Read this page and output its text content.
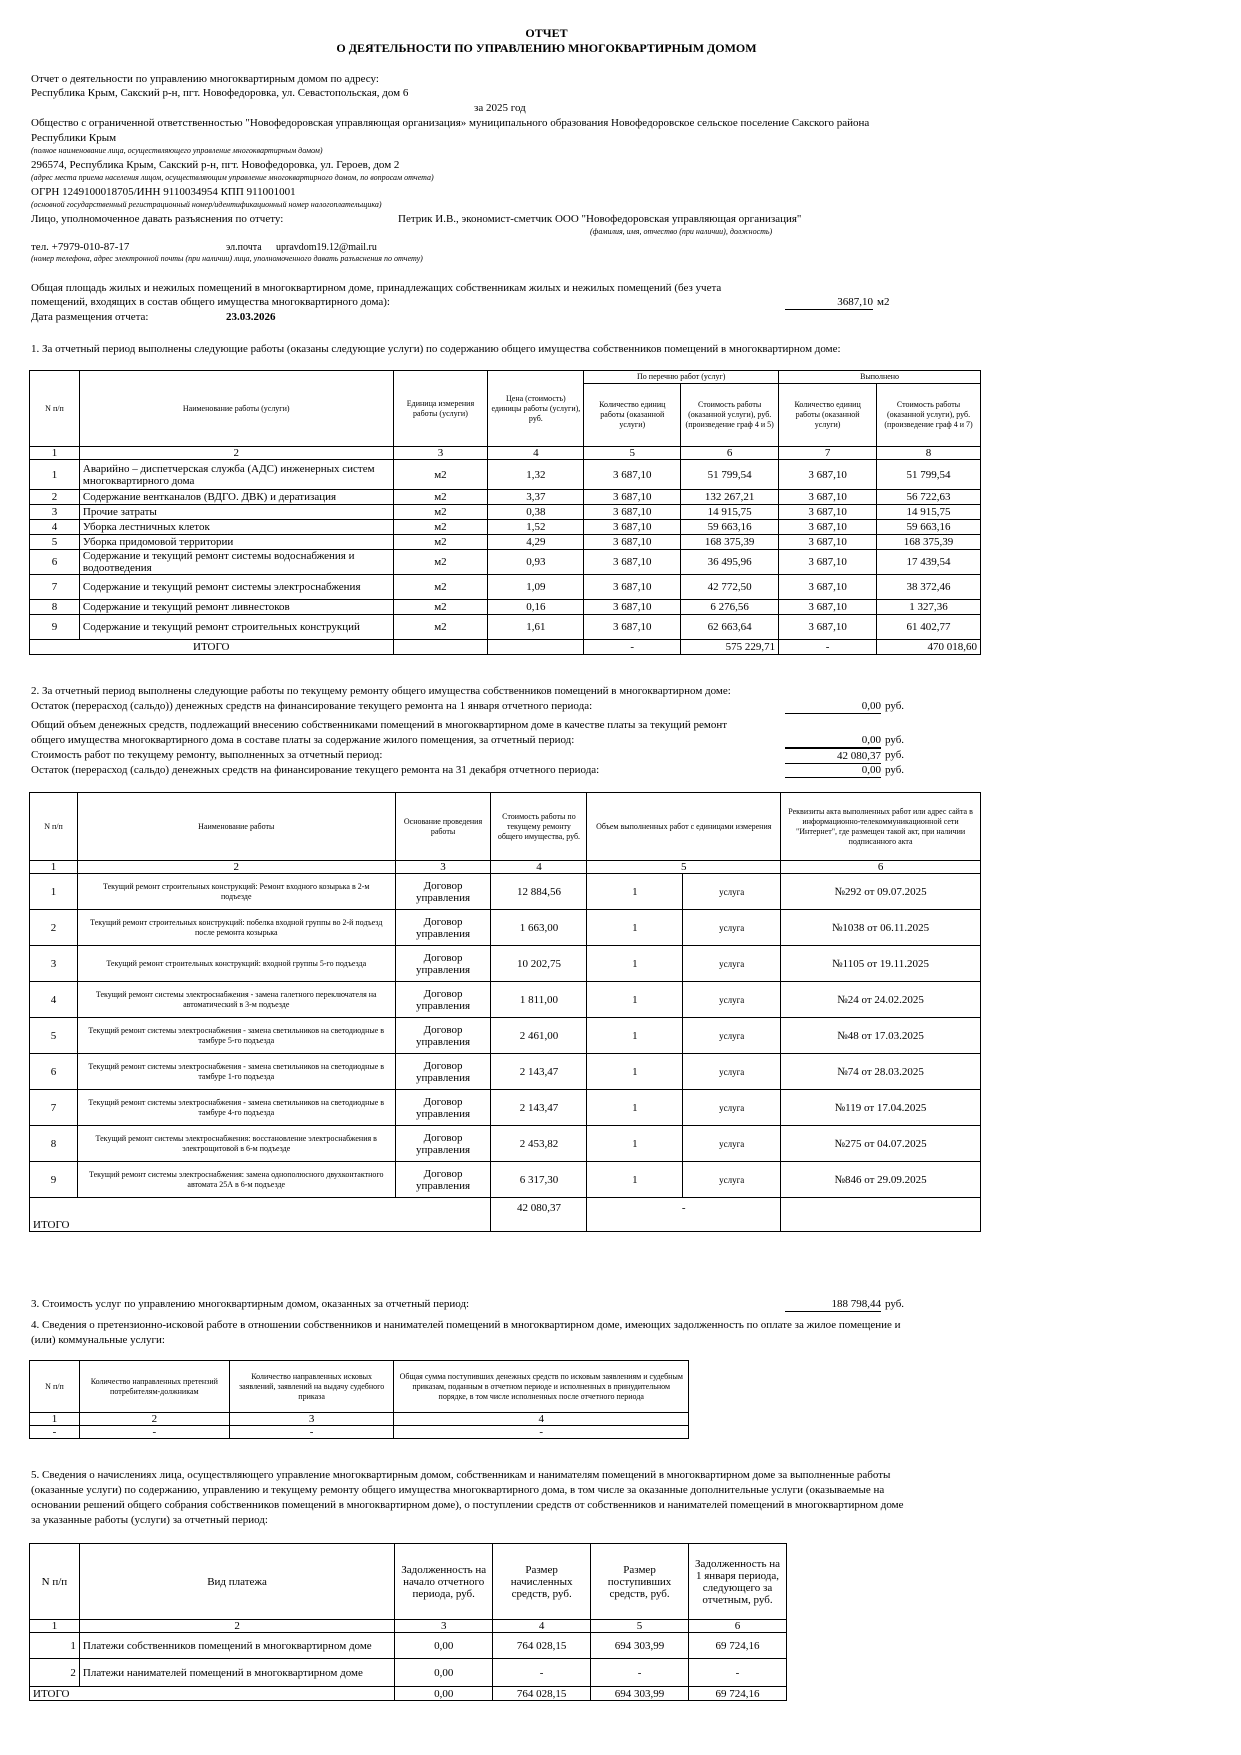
ОТЧЕТ
О ДЕЯТЕЛЬНОСТИ ПО УПРАВЛЕНИЮ МНОГОКВАРТИРНЫМ ДОМОМ
Отчет о деятельности по управлению многоквартирным домом по адресу:
Республика Крым, Сакский р-н, пгт. Новофедоровка, ул. Севастопольская, дом 6
за 2025 год
Общество с ограниченной ответственностью "Новофедоровская управляющая организация» муниципального образования Новофедоровское сельское поселение Сакского района
Республики Крым
(полное наименование лица, осуществляющего управление многоквартирным домом)
296574, Республика Крым, Сакский р-н, пгт. Новофедоровка, ул. Героев, дом 2
(адрес места приема населения лицом, осуществляющим управление многоквартирного домом, по вопросам отчета)
ОГРН 1249100018705/ИНН 9110034954 КПП 911001001
(основной государственный регистрационный номер/идентификационный номер налогоплательщика)
Лицо, уполномоченное давать разъяснения по отчету:	Петрик И.В., экономист-сметчик ООО "Новофедоровская управляющая организация"
(фамилия, имя, отчество (при наличии), должность)
тел. +7979-010-87-17	эл.почта upravdom19.12@mail.ru
(номер телефона, адрес электронной почты (при наличии) лица, уполномоченного давать разъяснения по отчету)
Общая площадь жилых и нежилых помещений в многоквартирном доме, принадлежащих собственникам жилых и нежилых помещений (без учета
помещений, входящих в состав общего имущества многоквартирного дома):	3687,10 м2
Дата размещения отчета:	23.03.2026
1. За отчетный период выполнены следующие работы (оказаны следующие услуги) по содержанию общего имущества собственников помещений в многоквартирном доме:
N п/п	Наименование работы (услуги)	Единица измерения работы (услуги)	Цена (стоимость) единицы работы (услуги), руб.	По перечню работ (услуг)		Выполнено	
				Количество единиц работы (оказанной услуги)	Стоимость работы (оказанной услуги), руб. (произведение граф 4 и 5)	Количество единиц работы (оказанной услуги)	Стоимость работы (оказанной услуги), руб. (произведение граф 4 и 7)
1	2	3	4	5	6	7	8
1	Аварийно – диспетчерская служба (АДС) инженерных систем многоквартирного дома	м2	1,32	3 687,10	51 799,54	3 687,10	51 799,54
2	Содержание вентканалов (ВДГО. ДВК) и дератизация	м2	3,37	3 687,10	132 267,21	3 687,10	56 722,63
3	Прочие затраты	м2	0,38	3 687,10	14 915,75	3 687,10	14 915,75
4	Уборка лестничных клеток	м2	1,52	3 687,10	59 663,16	3 687,10	59 663,16
5	Уборка придомовой территории	м2	4,29	3 687,10	168 375,39	3 687,10	168 375,39
6	Содержание и текущий ремонт системы водоснабжения и водоотведения	м2	0,93	3 687,10	36 495,96	3 687,10	17 439,54
7	Содержание и текущий ремонт системы электроснабжения	м2	1,09	3 687,10	42 772,50	3 687,10	38 372,46
8	Содержание и текущий ремонт ливнестоков	м2	0,16	3 687,10	6 276,56	3 687,10	1 327,36
9	Содержание и текущий ремонт строительных конструкций	м2	1,61	3 687,10	62 663,64	3 687,10	61 402,77
ИТОГО				-	575 229,71	-	470 018,60
2. За отчетный период выполнены следующие работы по текущему ремонту общего имущества собственников помещений в многоквартирном доме:
Остаток (перерасход (сальдо)) денежных средств на финансирование текущего ремонта на 1 января отчетного периода:	0,00 руб.
Общий объем денежных средств, подлежащий внесению собственниками помещений в многоквартирном доме в качестве платы за текущий ремонт
общего имущества многоквартирного дома в составе платы за содержание жилого помещения, за отчетный период:	0,00 руб.
Стоимость работ по текущему ремонту, выполненных за отчетный период:	42 080,37 руб.
Остаток (перерасход (сальдо) денежных средств на финансирование текущего ремонта на 31 декабря отчетного периода:	0,00 руб.
N п/п	Наименование работы	Основание проведения работы	Стоимость работы по текущему ремонту общего имущества, руб.	Объем выполненных работ с единицами измерения		Реквизиты акта выполненных работ или адрес сайта в информационно-телекоммуникационной сети "Интернет", где размещен такой акт, при наличии подписанного акта
1	2	3	4	5		6
1	Текущий ремонт строительных конструкций: Ремонт входного козырька в 2-м подъезде	Договор управления	12 884,56	1	услуга	№292 от 09.07.2025
2	Текущий ремонт строительных конструкций: побелка входной группы во 2-й подъезд после ремонта козырька	Договор управления	1 663,00	1	услуга	№1038 от 06.11.2025
3	Текущий ремонт строительных конструкций: входной группы 5-го подъезда	Договор управления	10 202,75	1	услуга	№1105 от 19.11.2025
4	Текущий ремонт системы электроснабжения - замена галетного переключателя на автоматический в 3-м подъезде	Договор управления	1 811,00	1	услуга	№24 от 24.02.2025
5	Текущий ремонт системы электроснабжения - замена светильников на светодиодные в тамбуре 5-го подъезда	Договор управления	2 461,00	1	услуга	№48 от 17.03.2025
6	Текущий ремонт системы электроснабжения - замена светильников на светодиодные в тамбуре 1-го подъезда	Договор управления	2 143,47	1	услуга	№74 от 28.03.2025
7	Текущий ремонт системы электроснабжения - замена светильников на светодиодные в тамбуре 4-го подъезда	Договор управления	2 143,47	1	услуга	№119 от 17.04.2025
8	Текущий ремонт системы электроснабжения: восстановление электроснабжения в электрощитовой в 6-м подъезде	Договор управления	2 453,82	1	услуга	№275 от 04.07.2025
9	Текущий ремонт системы электроснабжения: замена однополюсного двухконтактного автомата 25А в 6-м подъезде	Договор управления	6 317,30	1	услуга	№846 от 29.09.2025
ИТОГО			42 080,37	-		
3. Стоимость услуг по управлению многоквартирным домом, оказанных за отчетный период:	188 798,44 руб.
4. Сведения о претензионно-исковой работе в отношении собственников и нанимателей помещений в многоквартирном доме, имеющих задолженность по оплате за жилое помещение и
(или) коммунальные услуги:
N п/п	Количество направленных претензий потребителям-должникам	Количество направленных исковых заявлений, заявлений на выдачу судебного приказа	Общая сумма поступивших денежных средств по исковым заявлениям и судебным приказам, поданным в отчетном периоде и исполненных в принудительном порядке, в том числе исполненных после отчетного периода
1	2	3	4
-	-	-	-
5. Сведения о начислениях лица, осуществляющего управление многоквартирным домом, собственникам и нанимателям помещений в многоквартирном доме за выполненные работы
(оказанные услуги) по содержанию, управлению и текущему ремонту общего имущества многоквартирного дома, в том числе за оказанные дополнительные услуги (оказываемые на
основании решений общего собрания собственников помещений в многоквартирном доме), о поступлении средств от собственников и нанимателей помещений в многоквартирном доме
за указанные работы (услуги) за отчетный период:
N п/п	Вид платежа	Задолженность на начало отчетного периода, руб.	Размер начисленных средств, руб.	Размер поступивших средств, руб.	Задолженность на 1 января периода, следующего за отчетным, руб.
1	2	3	4	5	6
1	Платежи собственников помещений в многоквартирном доме	0,00	764 028,15	694 303,99	69 724,16
2	Платежи нанимателей помещений в многоквартирном доме	0,00	-	-	-
ИТОГО		0,00	764 028,15	694 303,99	69 724,16
